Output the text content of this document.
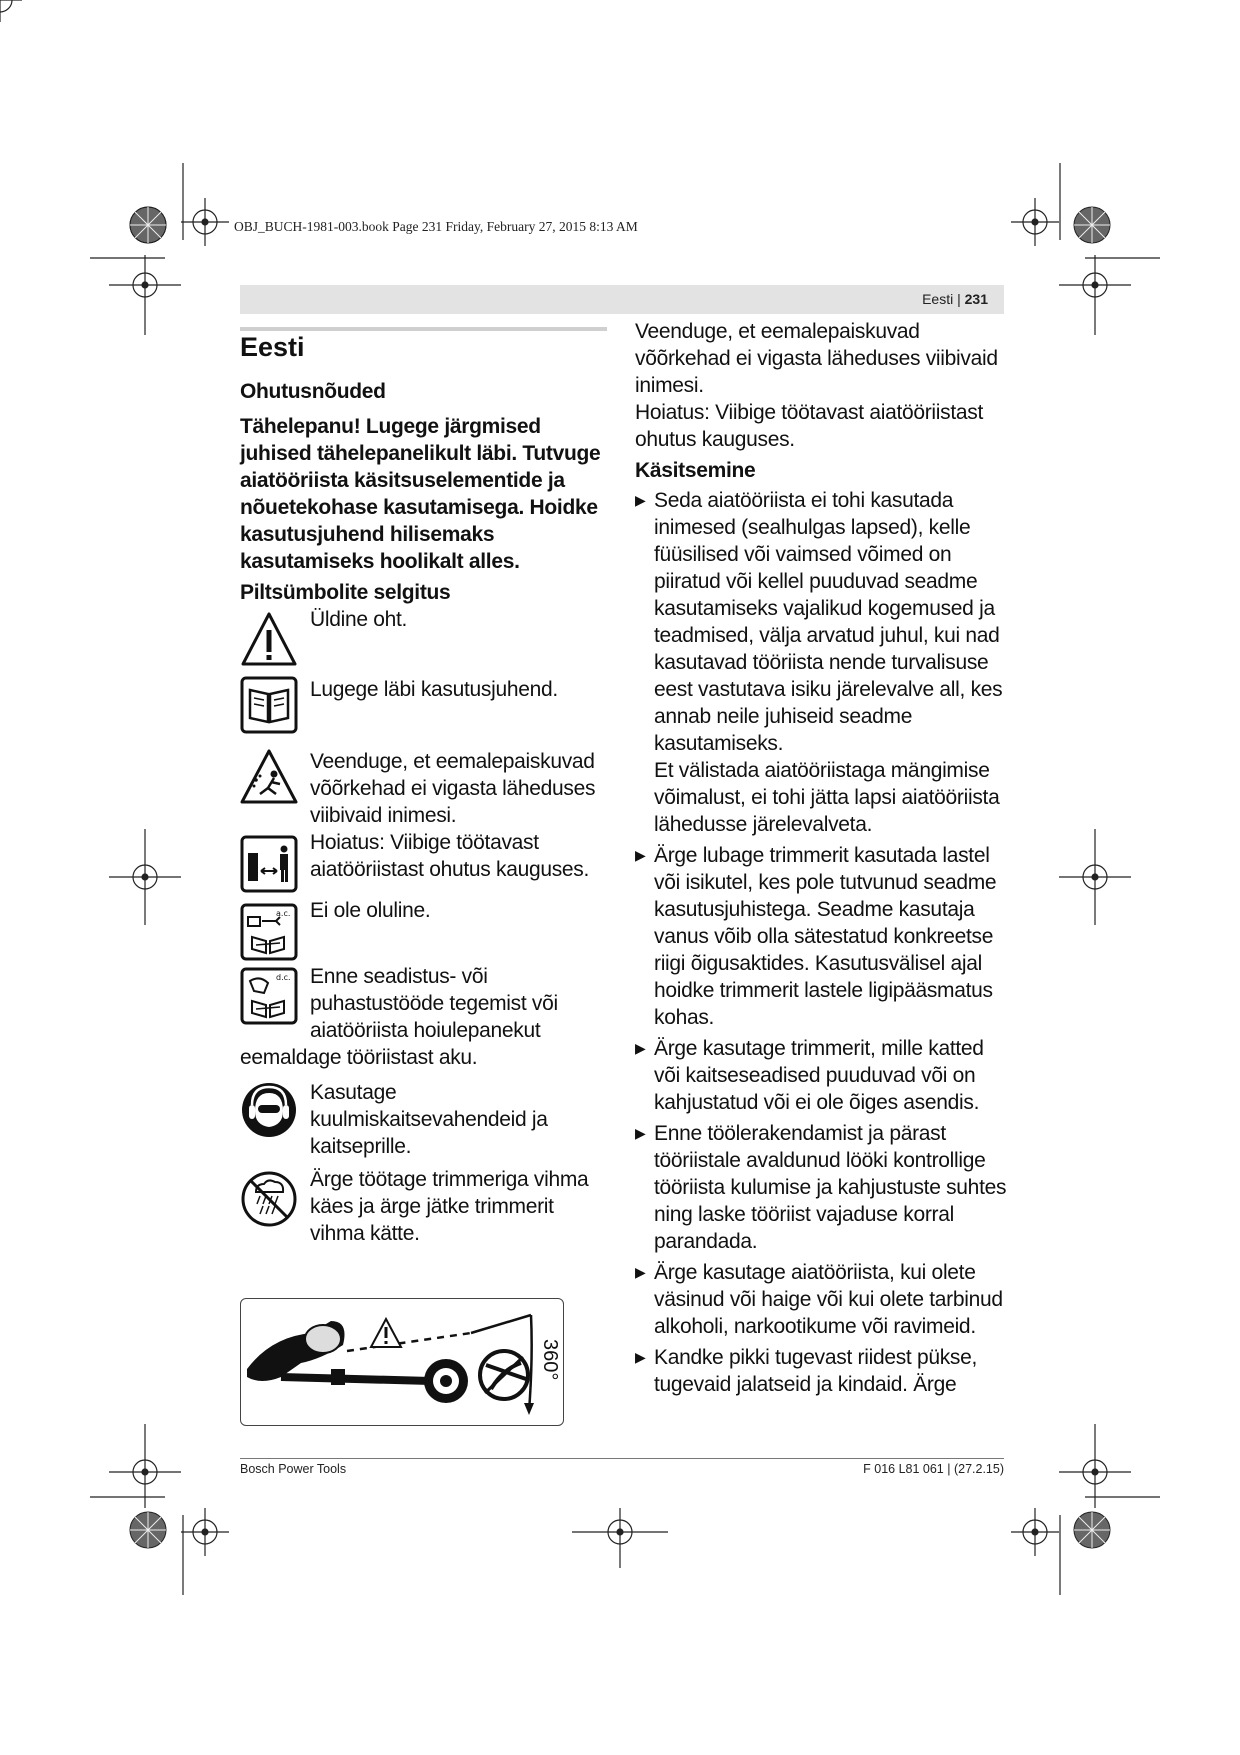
OBJ_BUCH-1981-003.book Page 231 Friday, February 27, 2015 8:13 AM
Eesti | 231
Eesti
Ohutusnõuded
Tähelepanu! Lugege järgmised juhised tähelepanelikult läbi. Tutvuge aiatööriista käsitsuselementide ja nõuetekohase kasutamisega. Hoidke kasutusjuhend hilisemaks kasutamiseks hoolikalt alles.
Piltsümbolite selgitus
Üldine oht.
Lugege läbi kasutusjuhend.
Veenduge, et eemalepaiskuvad võõrkehad ei vigasta läheduses viibivaid inimesi.
Hoiatus: Viibige töötavast aiatööriistast ohutus kauguses.
a.c. Ei ole oluline.
d.c. Enne seadistus- või puhastustööde tegemist või aiatööriista hoiulepanekut
eemaldage tööriistast aku.
Kasutage kuulmiskaitsevahendeid ja kaitseprille.
Ärge töötage trimmeriga vihma käes ja ärge jätke trimmerit vihma kätte.
360°
Veenduge, et eemalepaiskuvad võõrkehad ei vigasta läheduses viibivaid inimesi.
Hoiatus: Viibige töötavast aiatööriistast ohutus kauguses.
Käsitsemine
▶ Seda aiatööriista ei tohi kasutada inimesed (sealhulgas lapsed), kelle füüsilised või vaimsed võimed on piiratud või kellel puuduvad seadme kasutamiseks vajalikud kogemused ja teadmised, välja arvatud juhul, kui nad kasutavad tööriista nende turvalisuse eest vastutava isiku järelevalve all, kes annab neile juhiseid seadme kasutamiseks.
Et välistada aiatööriistaga mängimise võimalust, ei tohi jätta lapsi aiatööriista lähedusse järelevalveta.
▶ Ärge lubage trimmerit kasutada lastel või isikutel, kes pole tutvunud seadme kasutusjuhistega. Seadme kasutaja vanus võib olla sätestatud konkreetse riigi õigusaktides. Kasutusvälisel ajal hoidke trimmerit lastele ligipääsmatus kohas.
▶ Ärge kasutage trimmerit, mille katted või kaitseseadised puuduvad või on kahjustatud või ei ole õiges asendis.
▶ Enne töölerakendamist ja pärast tööriistale avaldunud lööki kontrollige tööriista kulumise ja kahjustuste suhtes ning laske tööriist vajaduse korral parandada.
▶ Ärge kasutage aiatööriista, kui olete väsinud või haige või kui olete tarbinud alkoholi, narkootikume või ravimeid.
▶ Kandke pikki tugevast riidest pükse, tugevaid jalatseid ja kindaid. Ärge
Bosch Power Tools	F 016 L81 061 | (27.2.15)
